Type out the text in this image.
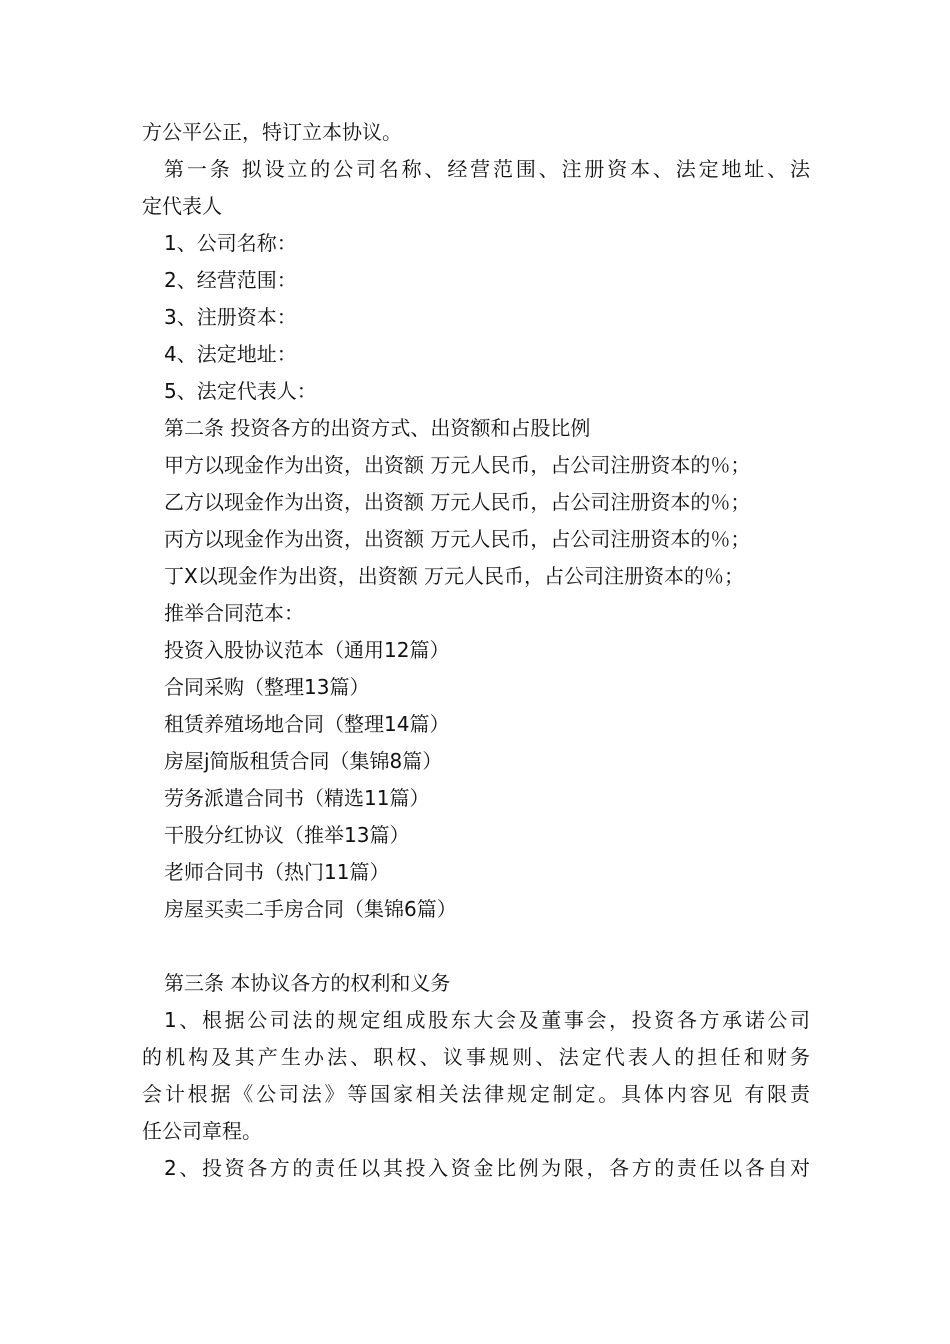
方公平公正，特订立本协议。
第一条 拟设立的公司名称、经营范围、注册资本、法定地址、法
定代表人
1、公司名称：
2、经营范围：
3、注册资本：
4、法定地址：
5、法定代表人：
第二条 投资各方的出资方式、出资额和占股比例
甲方以现金作为出资，出资额 万元人民币，占公司注册资本的％；
乙方以现金作为出资，出资额 万元人民币，占公司注册资本的％；
丙方以现金作为出资，出资额 万元人民币，占公司注册资本的％；
丁X以现金作为出资，出资额 万元人民币，占公司注册资本的％；
推举合同范本：
投资入股协议范本（通用12篇）
合同采购（整理13篇）
租赁养殖场地合同（整理14篇）
房屋j简版租赁合同（集锦8篇）
劳务派遣合同书（精选11篇）
干股分红协议（推举13篇）
老师合同书（热门11篇）
房屋买卖二手房合同（集锦6篇）
第三条 本协议各方的权利和义务
1、根据公司法的规定组成股东大会及董事会，投资各方承诺公司
的机构及其产生办法、职权、议事规则、法定代表人的担任和财务
会计根据《公司法》等国家相关法律规定制定。具体内容见 有限责
任公司章程。
2、投资各方的责任以其投入资金比例为限，各方的责任以各自对
